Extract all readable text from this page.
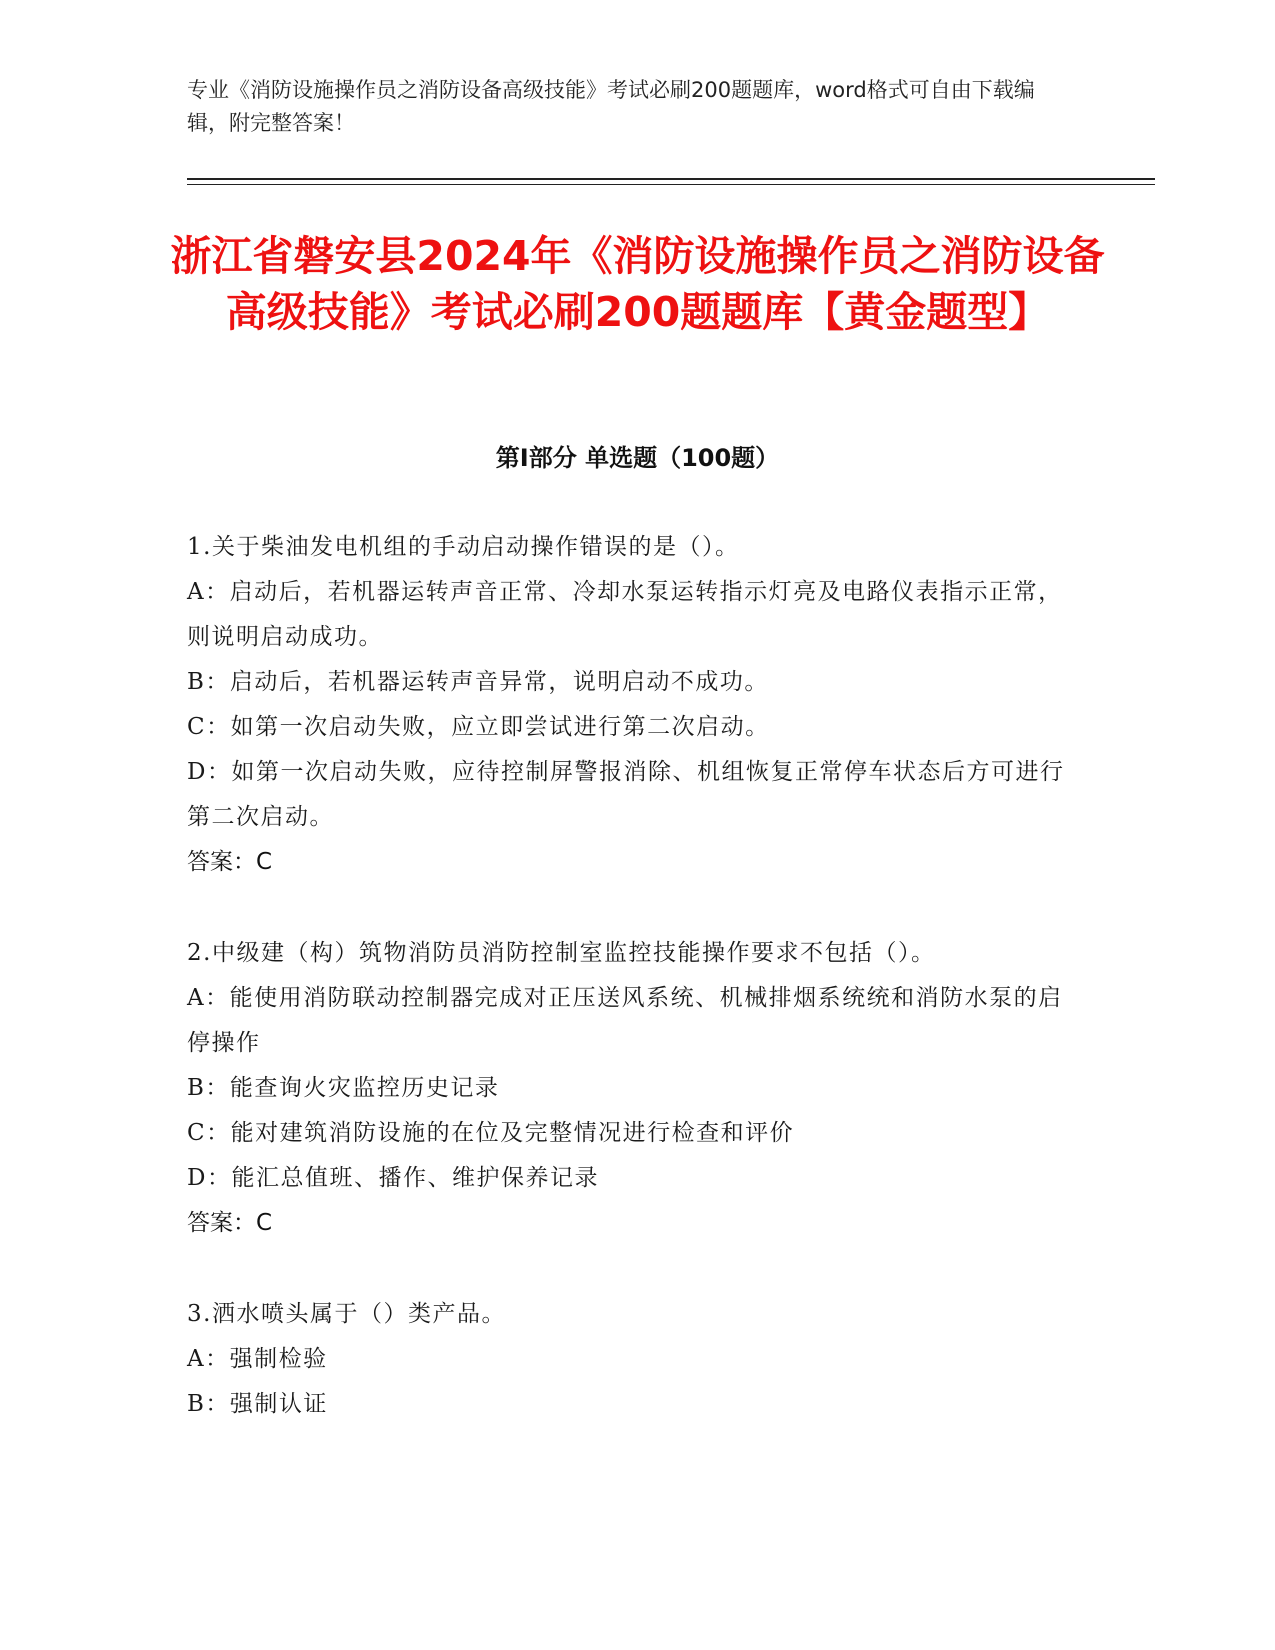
专业《消防设施操作员之消防设备高级技能》考试必刷200题题库，word格式可自由下载编辑，附完整答案！
浙江省磐安县2024年《消防设施操作员之消防设备高级技能》考试必刷200题题库【黄金题型】
第Ⅰ部分 单选题（100题）

1.关于柴油发电机组的手动启动操作错误的是（）。

A：启动后，若机器运转声音正常、冷却水泵运转指示灯亮及电路仪表指示正常，则说明启动成功。

B：启动后，若机器运转声音异常，说明启动不成功。

C：如第一次启动失败，应立即尝试进行第二次启动。

D：如第一次启动失败，应待控制屏警报消除、机组恢复正常停车状态后方可进行第二次启动。

答案：C

2.中级建（构）筑物消防员消防控制室监控技能操作要求不包括（）。

A：能使用消防联动控制器完成对正压送风系统、机械排烟系统统和消防水泵的启停操作

B：能查询火灾监控历史记录

C：能对建筑消防设施的在位及完整情况进行检查和评价

D：能汇总值班、播作、维护保养记录

答案：C

3.洒水喷头属于（）类产品。

A：强制检验

B：强制认证
